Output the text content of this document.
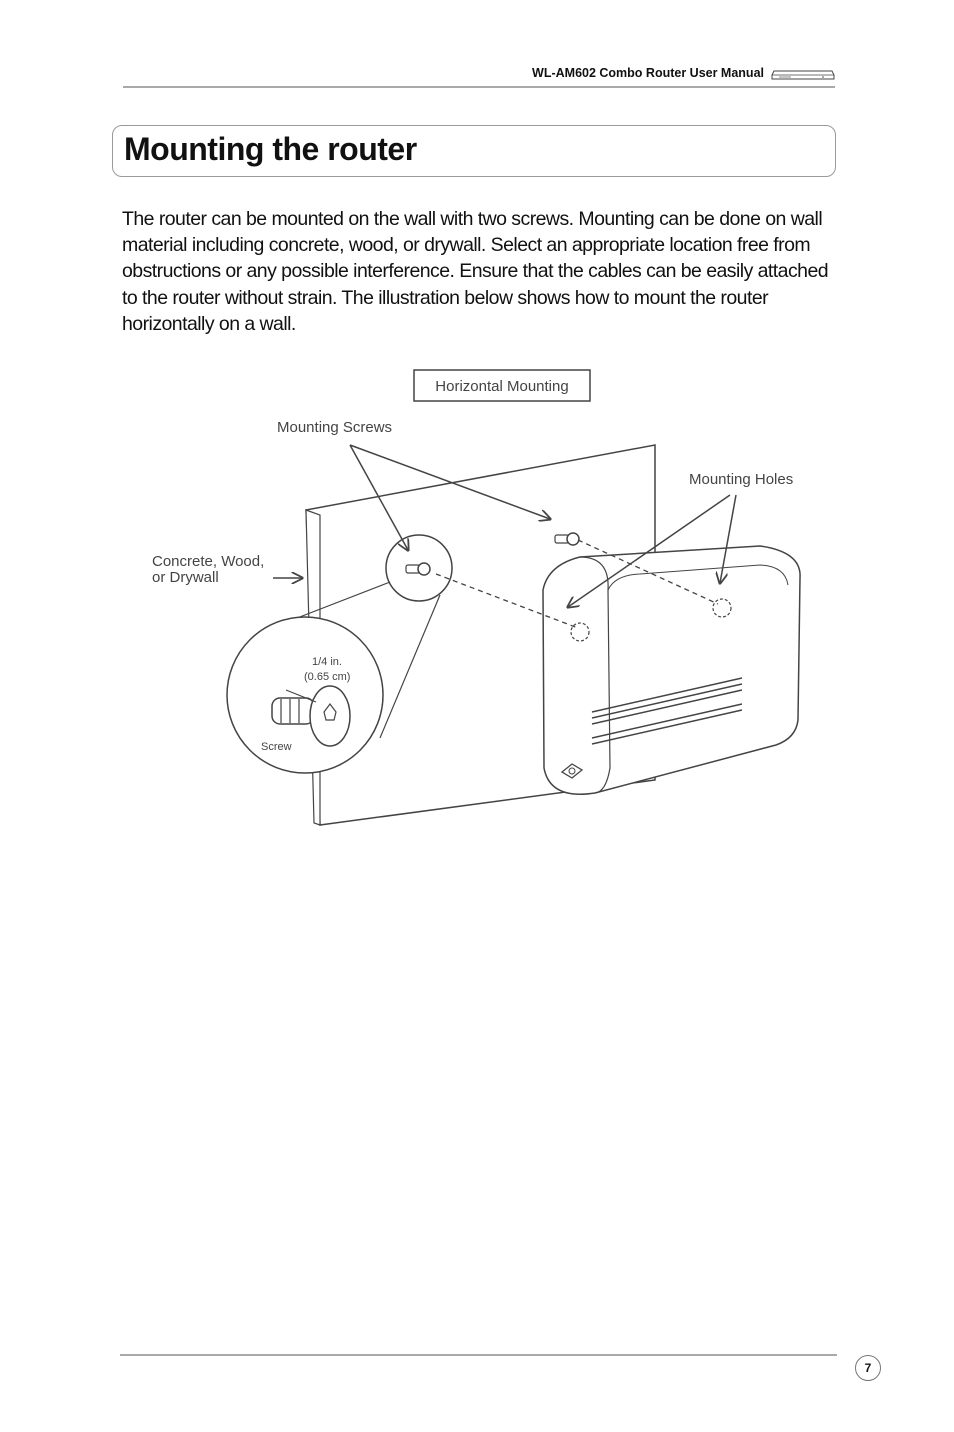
WL-AM602 Combo Router User Manual
Mounting the router

The router can be mounted on the wall with two screws. Mounting can be done on wall material including concrete, wood, or drywall. Select an appropriate location free from obstructions or any possible interference. Ensure that the cables can be easily attached to the router without strain. The illustration below shows how to mount the router horizontally on a wall.

Horizontal Mounting
1/4 in.
(0.65 cm)
Screw
Mounting Screws
Mounting Holes
Concrete, Wood,
or Drywall
7
